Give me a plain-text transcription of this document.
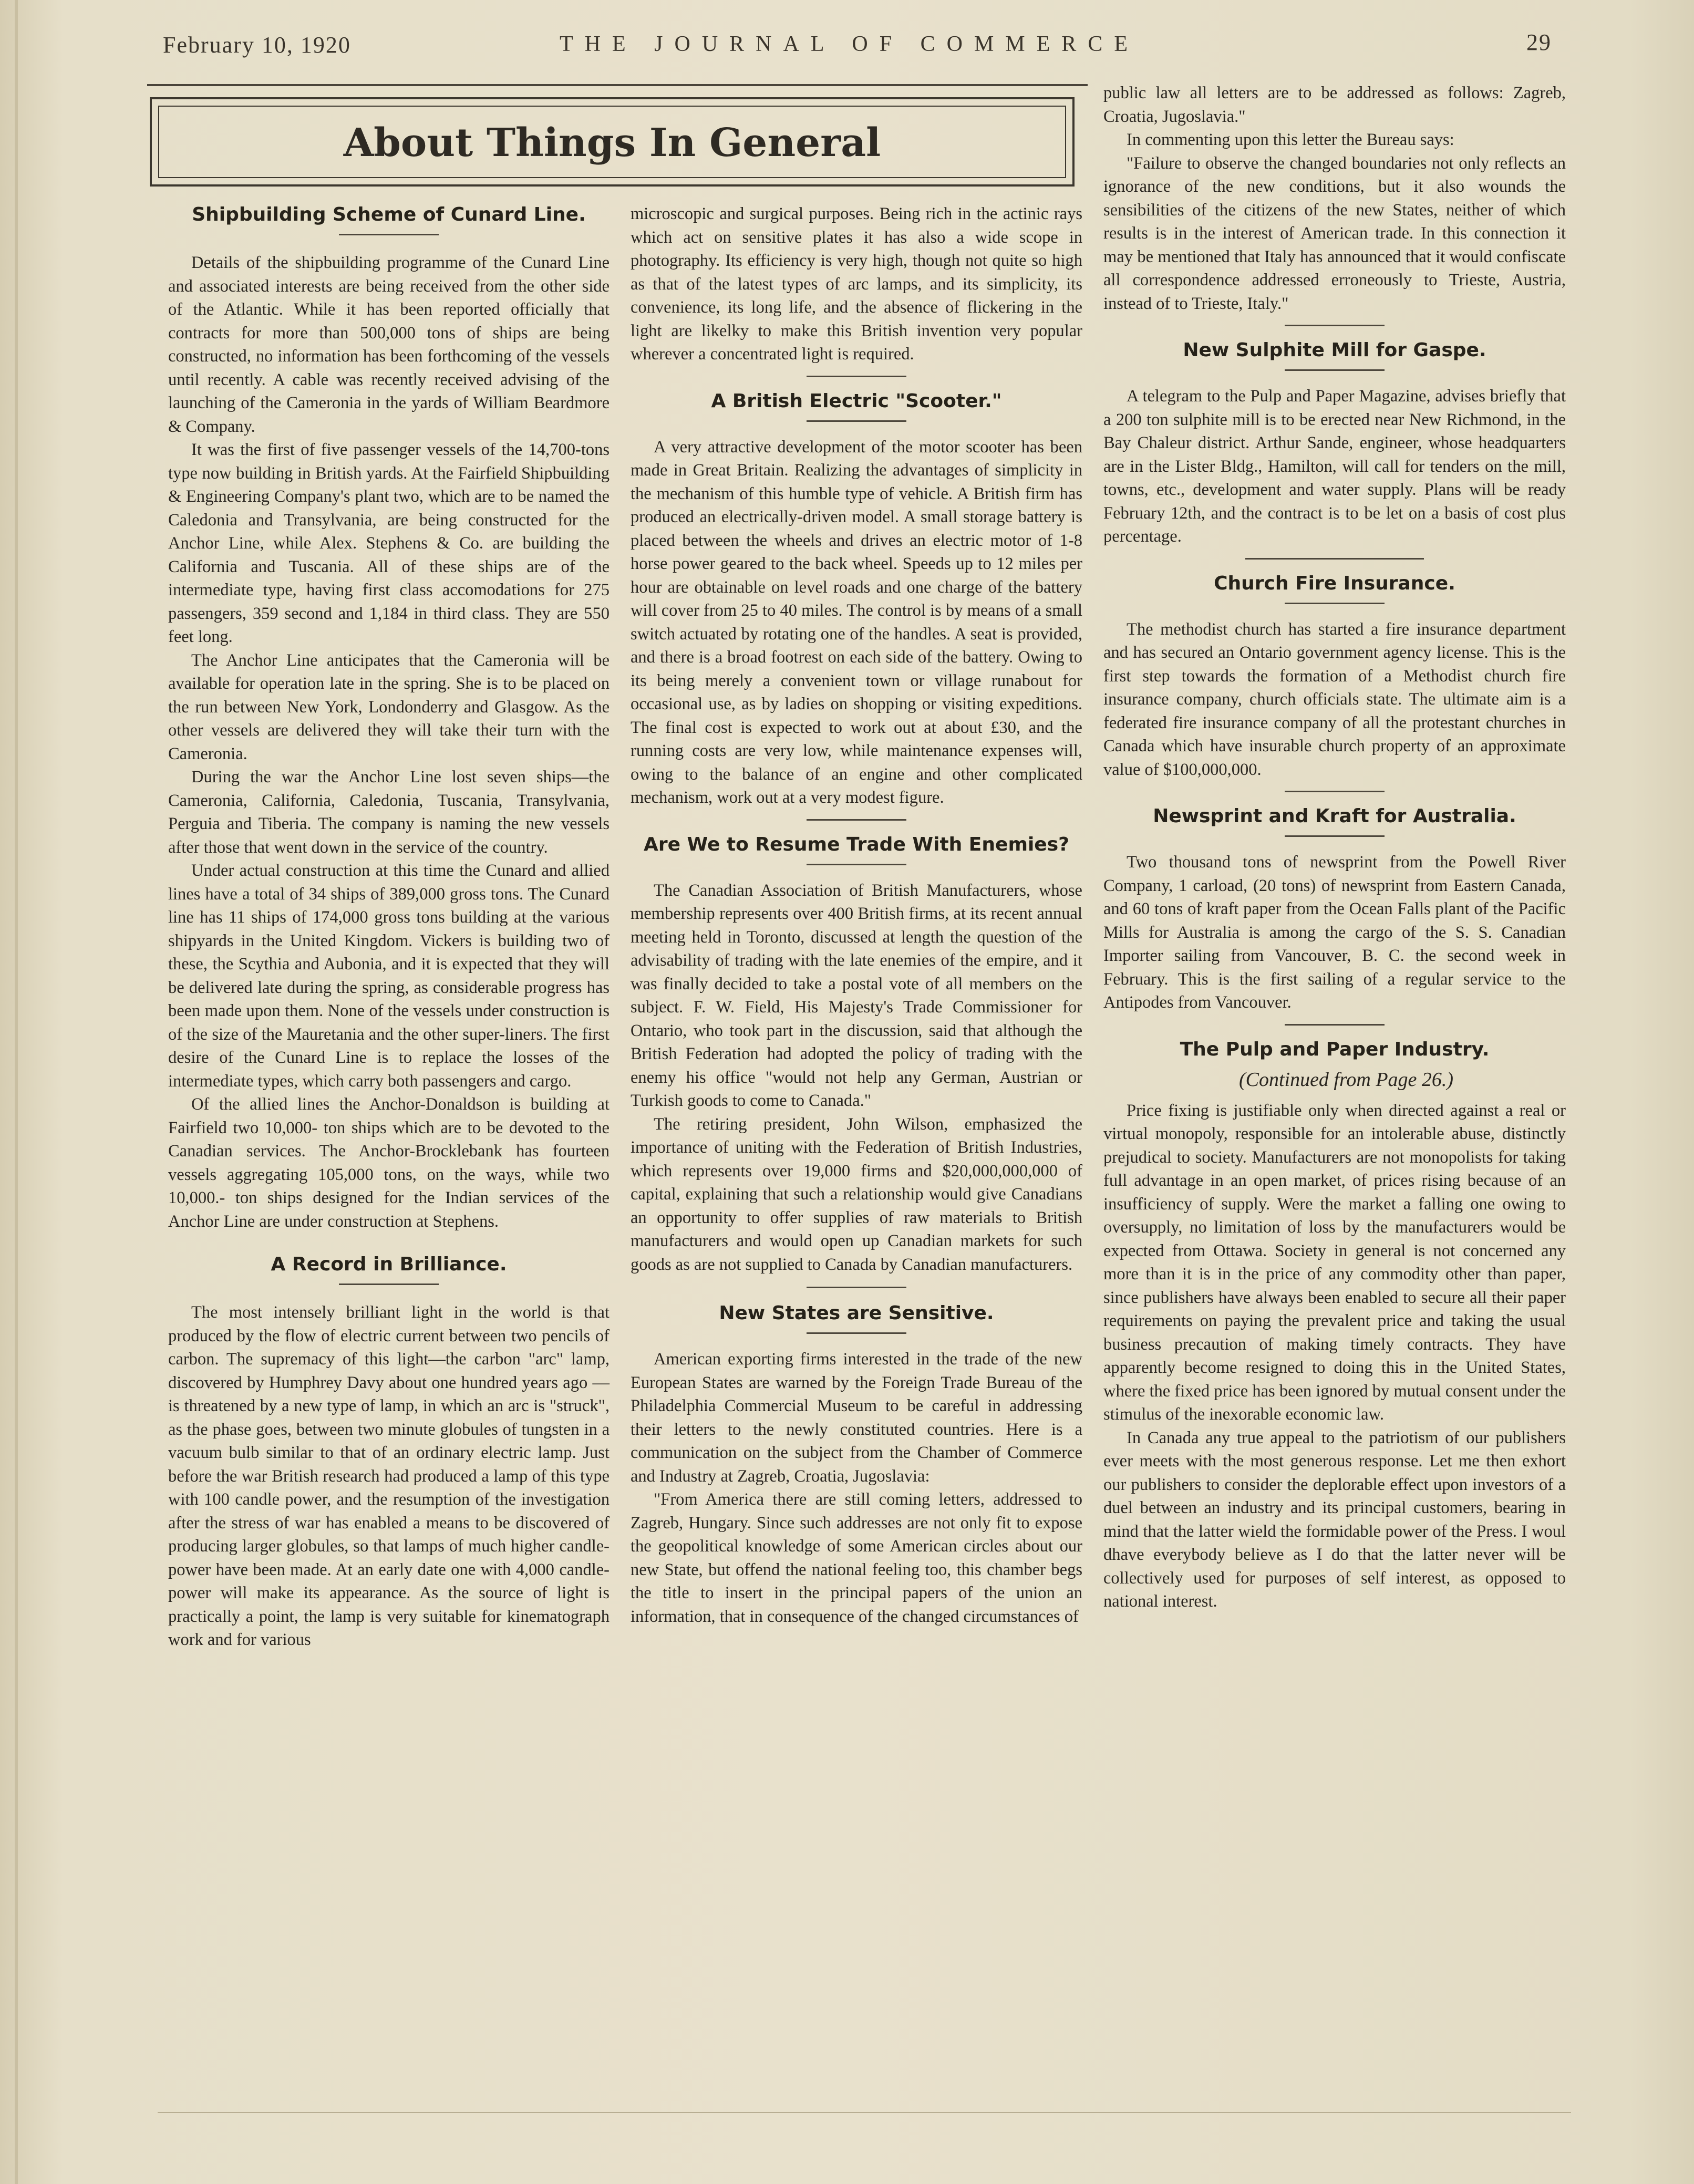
February 10, 1920	THE JOURNAL OF COMMERCE	29
About Things In General
Shipbuilding Scheme of Cunard Line.

Details of the shipbuilding programme of the Cunard Line and associated interests are being received from the other side of the Atlantic. While it has been reported officially that contracts for more than 500,000 tons of ships are being constructed, no information has been forthcoming of the vessels until recently. A cable was recently received advising of the launching of the Cameronia in the yards of William Beardmore & Company.

It was the first of five passenger vessels of the 14,700-tons type now building in British yards. At the Fairfield Shipbuilding & Engineering Company's plant two, which are to be named the Caledonia and Transylvania, are being constructed for the Anchor Line, while Alex. Stephens & Co. are building the California and Tuscania. All of these ships are of the intermediate type, having first class accomodations for 275 passengers, 359 second and 1,184 in third class. They are 550 feet long.

The Anchor Line anticipates that the Cameronia will be available for operation late in the spring. She is to be placed on the run between New York, Londonderry and Glasgow. As the other vessels are delivered they will take their turn with the Cameronia.

During the war the Anchor Line lost seven ships—the Cameronia, California, Caledonia, Tuscania, Transylvania, Perguia and Tiberia. The company is naming the new vessels after those that went down in the service of the country.

Under actual construction at this time the Cunard and allied lines have a total of 34 ships of 389,000 gross tons. The Cunard line has 11 ships of 174,000 gross tons building at the various shipyards in the United Kingdom. Vickers is building two of these, the Scythia and Aubonia, and it is expected that they will be delivered late during the spring, as considerable progress has been made upon them. None of the vessels under construction is of the size of the Mauretania and the other super-liners. The first desire of the Cunard Line is to replace the losses of the intermediate types, which carry both passengers and cargo.

Of the allied lines the Anchor-Donaldson is building at Fairfield two 10,000- ton ships which are to be devoted to the Canadian services. The Anchor-Brocklebank has fourteen vessels aggregating 105,000 tons, on the ways, while two 10,000.- ton ships designed for the Indian services of the Anchor Line are under construction at Stephens.

A Record in Brilliance.

The most intensely brilliant light in the world is that produced by the flow of electric current between two pencils of carbon. The supremacy of this light—the carbon "arc" lamp, discovered by Humphrey Davy about one hundred years ago —is threatened by a new type of lamp, in which an arc is "struck", as the phase goes, between two minute globules of tungsten in a vacuum bulb similar to that of an ordinary electric lamp. Just before the war British research had produced a lamp of this type with 100 candle power, and the resumption of the investigation after the stress of war has enabled a means to be discovered of producing larger globules, so that lamps of much higher candle-power have been made. At an early date one with 4,000 candle-power will make its appearance. As the source of light is practically a point, the lamp is very suitable for kinematograph work and for various

microscopic and surgical purposes. Being rich in the actinic rays which act on sensitive plates it has also a wide scope in photography. Its efficiency is very high, though not quite so high as that of the latest types of arc lamps, and its simplicity, its convenience, its long life, and the absence of flickering in the light are likelky to make this British invention very popular wherever a concentrated light is required.

A British Electric "Scooter."

A very attractive development of the motor scooter has been made in Great Britain. Realizing the advantages of simplicity in the mechanism of this humble type of vehicle. A British firm has produced an electrically-driven model. A small storage battery is placed between the wheels and drives an electric motor of 1-8 horse power geared to the back wheel. Speeds up to 12 miles per hour are obtainable on level roads and one charge of the battery will cover from 25 to 40 miles. The control is by means of a small switch actuated by rotating one of the handles. A seat is provided, and there is a broad footrest on each side of the battery. Owing to its being merely a convenient town or village runabout for occasional use, as by ladies on shopping or visiting expeditions. The final cost is expected to work out at about £30, and the running costs are very low, while maintenance expenses will, owing to the balance of an engine and other complicated mechanism, work out at a very modest figure.

Are We to Resume Trade With Enemies?

The Canadian Association of British Manufacturers, whose membership represents over 400 British firms, at its recent annual meeting held in Toronto, discussed at length the question of the advisability of trading with the late enemies of the empire, and it was finally decided to take a postal vote of all members on the subject. F. W. Field, His Majesty's Trade Commissioner for Ontario, who took part in the discussion, said that although the British Federation had adopted the policy of trading with the enemy his office "would not help any German, Austrian or Turkish goods to come to Canada."

The retiring president, John Wilson, emphasized the importance of uniting with the Federation of British Industries, which represents over 19,000 firms and $20,000,000,000 of capital, explaining that such a relationship would give Canadians an opportunity to offer supplies of raw materials to British manufacturers and would open up Canadian markets for such goods as are not supplied to Canada by Canadian manufacturers.

New States are Sensitive.

American exporting firms interested in the trade of the new European States are warned by the Foreign Trade Bureau of the Philadelphia Commercial Museum to be careful in addressing their letters to the newly constituted countries. Here is a communication on the subject from the Chamber of Commerce and Industry at Zagreb, Croatia, Jugoslavia:

"From America there are still coming letters, addressed to Zagreb, Hungary. Since such addresses are not only fit to expose the geopolitical knowledge of some American circles about our new State, but offend the national feeling too, this chamber begs the title to insert in the principal papers of the union an information, that in consequence of the changed circumstances of

public law all letters are to be addressed as follows: Zagreb, Croatia, Jugoslavia."

In commenting upon this letter the Bureau says:

"Failure to observe the changed boundaries not only reflects an ignorance of the new conditions, but it also wounds the sensibilities of the citizens of the new States, neither of which results is in the interest of American trade. In this connection it may be mentioned that Italy has announced that it would confiscate all correspondence addressed erroneously to Trieste, Austria, instead of to Trieste, Italy."

New Sulphite Mill for Gaspe.

A telegram to the Pulp and Paper Magazine, advises briefly that a 200 ton sulphite mill is to be erected near New Richmond, in the Bay Chaleur district. Arthur Sande, engineer, whose headquarters are in the Lister Bldg., Hamilton, will call for tenders on the mill, towns, etc., development and water supply. Plans will be ready February 12th, and the contract is to be let on a basis of cost plus percentage.

Church Fire Insurance.

The methodist church has started a fire insurance department and has secured an Ontario government agency license. This is the first step towards the formation of a Methodist church fire insurance company, church officials state. The ultimate aim is a federated fire insurance company of all the protestant churches in Canada which have insurable church property of an approximate value of $100,000,000.

Newsprint and Kraft for Australia.

Two thousand tons of newsprint from the Powell River Company, 1 carload, (20 tons) of newsprint from Eastern Canada, and 60 tons of kraft paper from the Ocean Falls plant of the Pacific Mills for Australia is among the cargo of the S. S. Canadian Importer sailing from Vancouver, B. C. the second week in February. This is the first sailing of a regular service to the Antipodes from Vancouver.

The Pulp and Paper Industry.

(Continued from Page 26.)

Price fixing is justifiable only when directed against a real or virtual monopoly, responsible for an intolerable abuse, distinctly prejudical to society. Manufacturers are not monopolists for taking full advantage in an open market, of prices rising because of an insufficiency of supply. Were the market a falling one owing to oversupply, no limitation of loss by the manufacturers would be expected from Ottawa. Society in general is not concerned any more than it is in the price of any commodity other than paper, since publishers have always been enabled to secure all their paper requirements on paying the prevalent price and taking the usual business precaution of making timely contracts. They have apparently become resigned to doing this in the United States, where the fixed price has been ignored by mutual consent under the stimulus of the inexorable economic law.

In Canada any true appeal to the patriotism of our publishers ever meets with the most generous response. Let me then exhort our publishers to consider the deplorable effect upon investors of a duel between an industry and its principal customers, bearing in mind that the latter wield the formidable power of the Press. I woul dhave everybody believe as I do that the latter never will be collectively used for purposes of self interest, as opposed to national interest.
